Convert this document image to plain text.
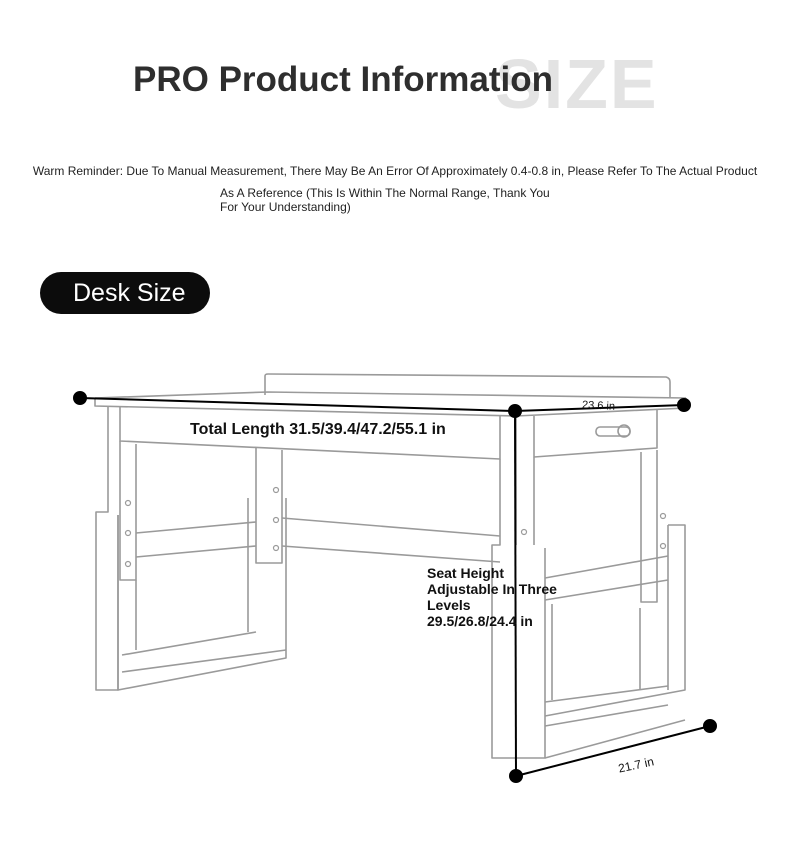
SIZE
PRO Product Information
Warm Reminder: Due To Manual Measurement, There May Be An Error Of Approximately 0.4-0.8 in, Please Refer To The Actual Product
As A Reference (This Is Within The Normal Range, Thank You For Your Understanding)
Desk Size
Total Length 31.5/39.4/47.2/55.1 in
23.6 in
21.7 in
Seat Height Adjustable In Three Levels
29.5/26.8/24.4 in
